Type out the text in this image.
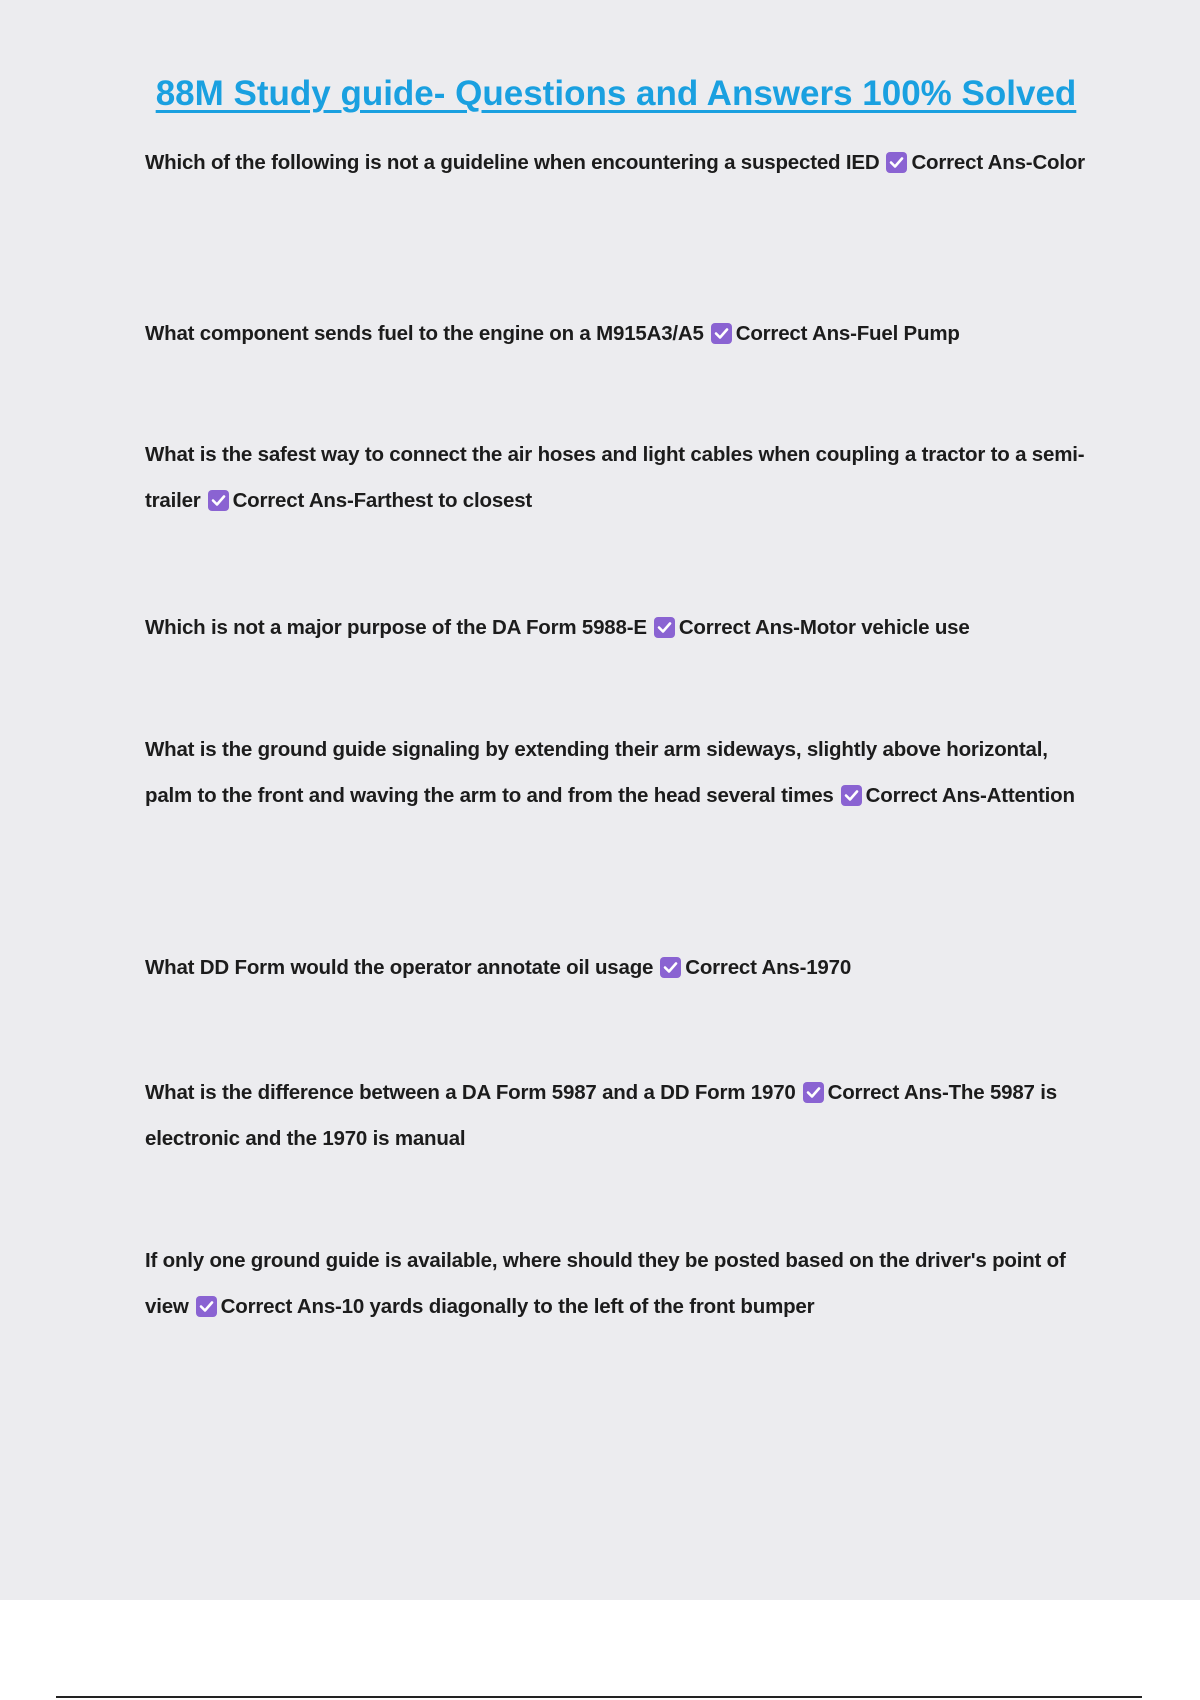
88M Study guide- Questions and Answers 100% Solved
Which of the following is not a guideline when encountering a suspected IED Correct Ans-Color
What component sends fuel to the engine on a M915A3/A5 Correct Ans-Fuel Pump
What is the safest way to connect the air hoses and light cables when coupling a tractor to a semi-trailer Correct Ans-Farthest to closest
Which is not a major purpose of the DA Form 5988-E Correct Ans-Motor vehicle use
What is the ground guide signaling by extending their arm sideways, slightly above horizontal, palm to the front and waving the arm to and from the head several times Correct Ans-Attention
What DD Form would the operator annotate oil usage Correct Ans-1970
What is the difference between a DA Form 5987 and a DD Form 1970 Correct Ans-The 5987 is electronic and the 1970 is manual
If only one ground guide is available, where should they be posted based on the driver's point of view Correct Ans-10 yards diagonally to the left of the front bumper
